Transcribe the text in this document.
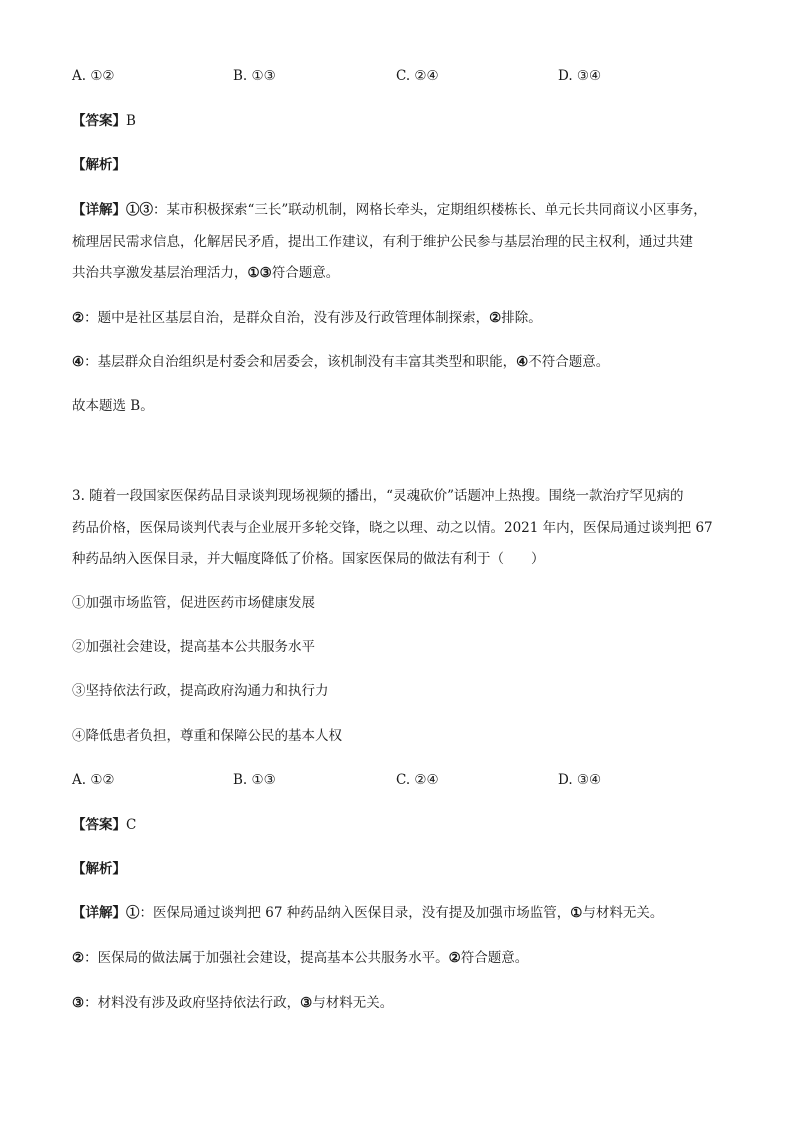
A. ①②	B. ①③	C. ②④	D. ③④
【答案】B
【解析】
【详解】①③：某市积极探索“三长”联动机制，网格长牵头，定期组织楼栋长、单元长共同商议小区事务，
梳理居民需求信息，化解居民矛盾，提出工作建议，有利于维护公民参与基层治理的民主权利，通过共建
共治共享激发基层治理活力，①③符合题意。
②：题中是社区基层自治，是群众自治，没有涉及行政管理体制探索，②排除。
④：基层群众自治组织是村委会和居委会，该机制没有丰富其类型和职能，④不符合题意。
故本题选 B。
3. 随着一段国家医保药品目录谈判现场视频的播出，“灵魂砍价”话题冲上热搜。围绕一款治疗罕见病的
药品价格，医保局谈判代表与企业展开多轮交锋，晓之以理、动之以情。2021 年内，医保局通过谈判把 67
种药品纳入医保目录，并大幅度降低了价格。国家医保局的做法有利于（　　）
①加强市场监管，促进医药市场健康发展
②加强社会建设，提高基本公共服务水平
③坚持依法行政，提高政府沟通力和执行力
④降低患者负担，尊重和保障公民的基本人权
A. ①②	B. ①③	C. ②④	D. ③④
【答案】C
【解析】
【详解】①：医保局通过谈判把 67 种药品纳入医保目录，没有提及加强市场监管，①与材料无关。
②：医保局的做法属于加强社会建设，提高基本公共服务水平。②符合题意。
③：材料没有涉及政府坚持依法行政，③与材料无关。
